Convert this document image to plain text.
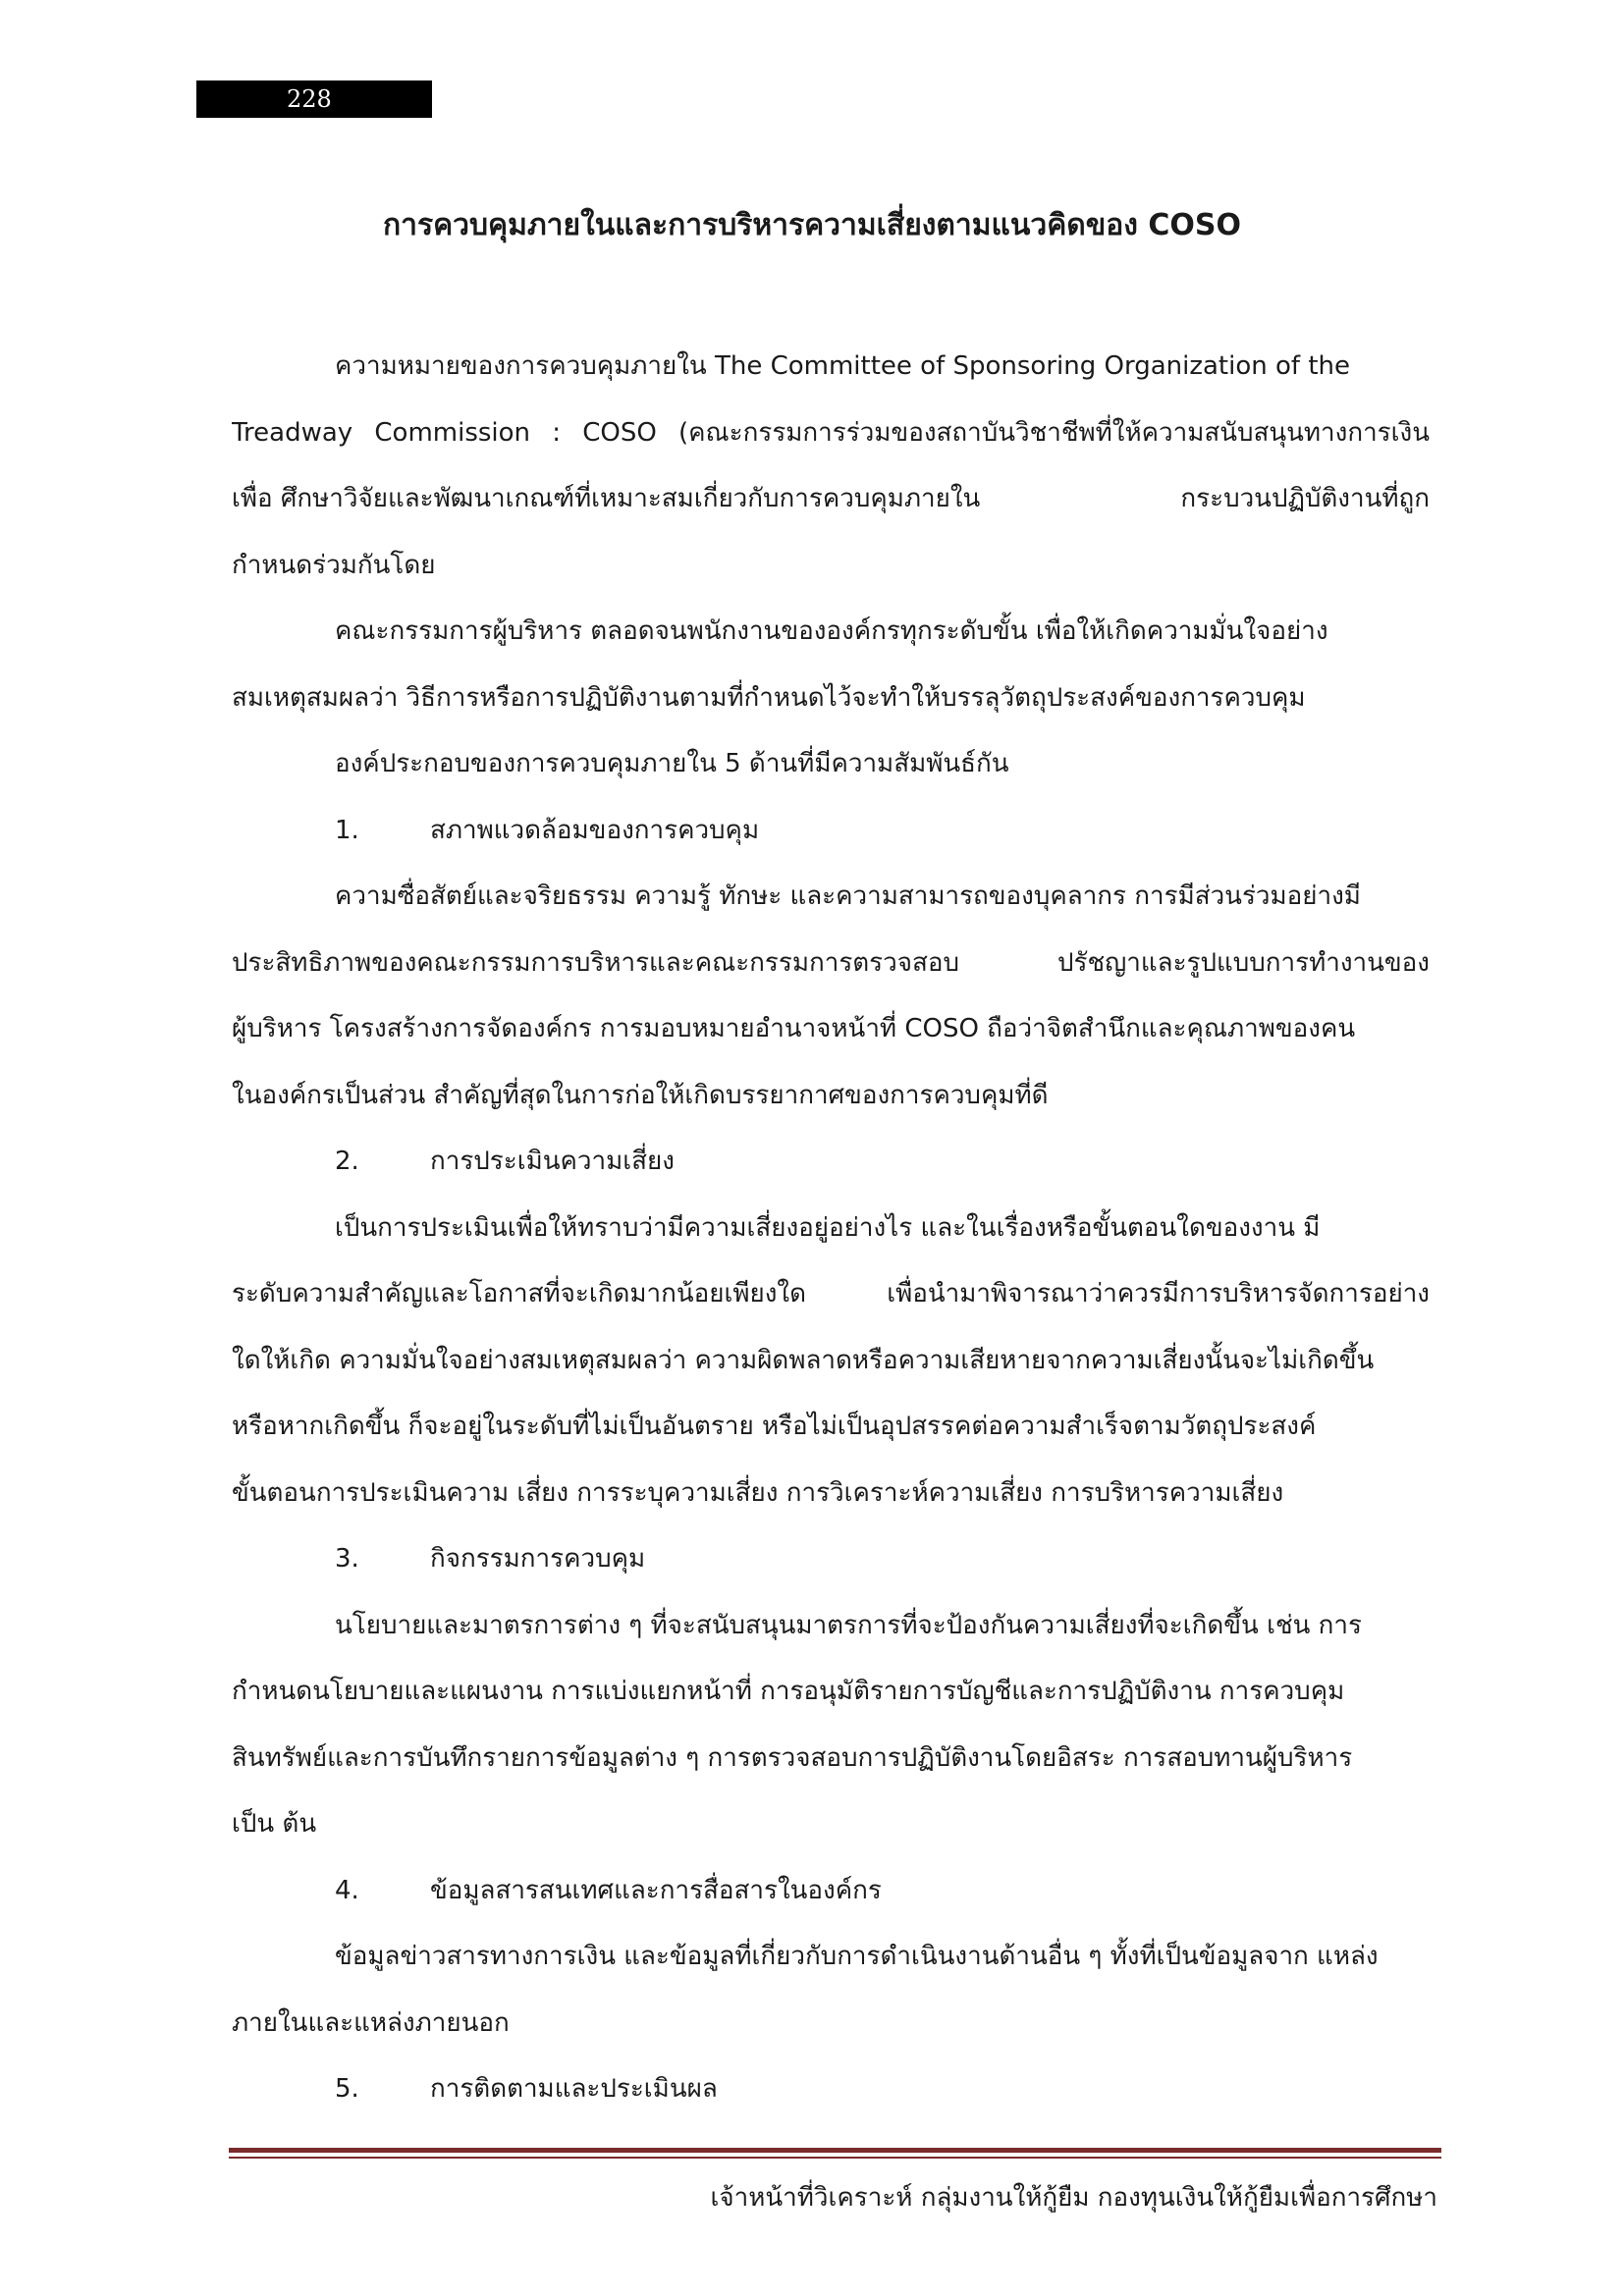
228
การควบคุมภายในและการบริหารความเสี่ยงตามแนวคิดของ COSO
ความหมายของการควบคุมภายใน The Committee of Sponsoring Organization of the
Treadway Commission : COSO (คณะกรรมการร่วมของสถาบันวิชาชีพที่ให้ความสนับสนุนทางการเงิน
เพื่อ ศึกษาวิจัยและพัฒนาเกณฑ์ที่เหมาะสมเกี่ยวกับการควบคุมภายใน	กระบวนปฏิบัติงานที่ถูก
กำหนดร่วมกันโดย
คณะกรรมการผู้บริหาร ตลอดจนพนักงานขององค์กรทุกระดับขั้น เพื่อให้เกิดความมั่นใจอย่าง
สมเหตุสมผลว่า วิธีการหรือการปฏิบัติงานตามที่กำหนดไว้จะทำให้บรรลุวัตถุประสงค์ของการควบคุม
องค์ประกอบของการควบคุมภายใน 5 ด้านที่มีความสัมพันธ์กัน
1.	สภาพแวดล้อมของการควบคุม
ความซื่อสัตย์และจริยธรรม ความรู้ ทักษะ และความสามารถของบุคลากร การมีส่วนร่วมอย่างมี
ประสิทธิภาพของคณะกรรมการบริหารและคณะกรรมการตรวจสอบ ปรัชญาและรูปแบบการทำงานของ
ผู้บริหาร โครงสร้างการจัดองค์กร การมอบหมายอำนาจหน้าที่ COSO ถือว่าจิตสำนึกและคุณภาพของคน
ในองค์กรเป็นส่วน สำคัญที่สุดในการก่อให้เกิดบรรยากาศของการควบคุมที่ดี
2.	การประเมินความเสี่ยง
เป็นการประเมินเพื่อให้ทราบว่ามีความเสี่ยงอยู่อย่างไร และในเรื่องหรือขั้นตอนใดของงาน มี
ระดับความสำคัญและโอกาสที่จะเกิดมากน้อยเพียงใด เพื่อนำมาพิจารณาว่าควรมีการบริหารจัดการอย่าง
ใดให้เกิด ความมั่นใจอย่างสมเหตุสมผลว่า ความผิดพลาดหรือความเสียหายจากความเสี่ยงนั้นจะไม่เกิดขึ้น
หรือหากเกิดขึ้น ก็จะอยู่ในระดับที่ไม่เป็นอันตราย หรือไม่เป็นอุปสรรคต่อความสำเร็จตามวัตถุประสงค์
ขั้นตอนการประเมินความ เสี่ยง การระบุความเสี่ยง การวิเคราะห์ความเสี่ยง การบริหารความเสี่ยง
3.	กิจกรรมการควบคุม
นโยบายและมาตรการต่าง ๆ ที่จะสนับสนุนมาตรการที่จะป้องกันความเสี่ยงที่จะเกิดขึ้น เช่น การ
กำหนดนโยบายและแผนงาน การแบ่งแยกหน้าที่ การอนุมัติรายการบัญชีและการปฏิบัติงาน การควบคุม
สินทรัพย์และการบันทึกรายการข้อมูลต่าง ๆ การตรวจสอบการปฏิบัติงานโดยอิสระ การสอบทานผู้บริหาร
เป็น ต้น
4.	ข้อมูลสารสนเทศและการสื่อสารในองค์กร
ข้อมูลข่าวสารทางการเงิน และข้อมูลที่เกี่ยวกับการดำเนินงานด้านอื่น ๆ ทั้งที่เป็นข้อมูลจาก แหล่ง
ภายในและแหล่งภายนอก
5.	การติดตามและประเมินผล
เจ้าหน้าที่วิเคราะห์ กลุ่มงานให้กู้ยืม กองทุนเงินให้กู้ยืมเพื่อการศึกษา
